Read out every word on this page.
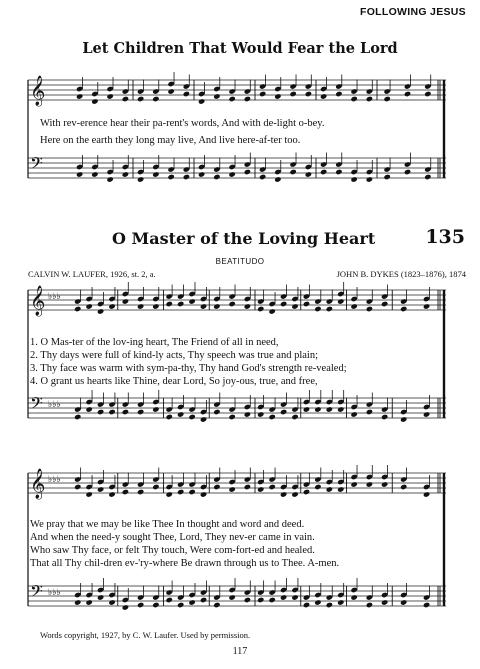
FOLLOWING JESUS
Let Children That Would Fear the Lord
𝄞
𝄢
𝄞
𝄢
♭♭♭
♭♭♭
𝄞
𝄢
♭♭♭
♭♭♭
With rev-erence hear their pa-rent's words, And with de-light o-bey.
Here on the earth they long may live, And live here-af-ter too.
O Master of the Loving Heart	135
BEATITUDO
CALVIN W. LAUFER, 1926, st. 2, a.	JOHN B. DYKES (1823–1876), 1874
1. O Mas-ter of the lov-ing heart, The Friend of all in need,
2. Thy days were full of kind-ly acts, Thy speech was true and plain;
3. Thy face was warm with sym-pa-thy, Thy hand God's strength re-vealed;
4. O grant us hearts like Thine, dear Lord, So joy-ous, true, and free,
We pray that we may be like Thee In thought and word and deed.
And when the need-y sought Thee, Lord, They nev-er came in vain.
Who saw Thy face, or felt Thy touch, Were com-fort-ed and healed.
That all Thy chil-dren ev-'ry-where Be drawn through us to Thee. A-men.
Words copyright, 1927, by C. W. Laufer. Used by permission.
117
